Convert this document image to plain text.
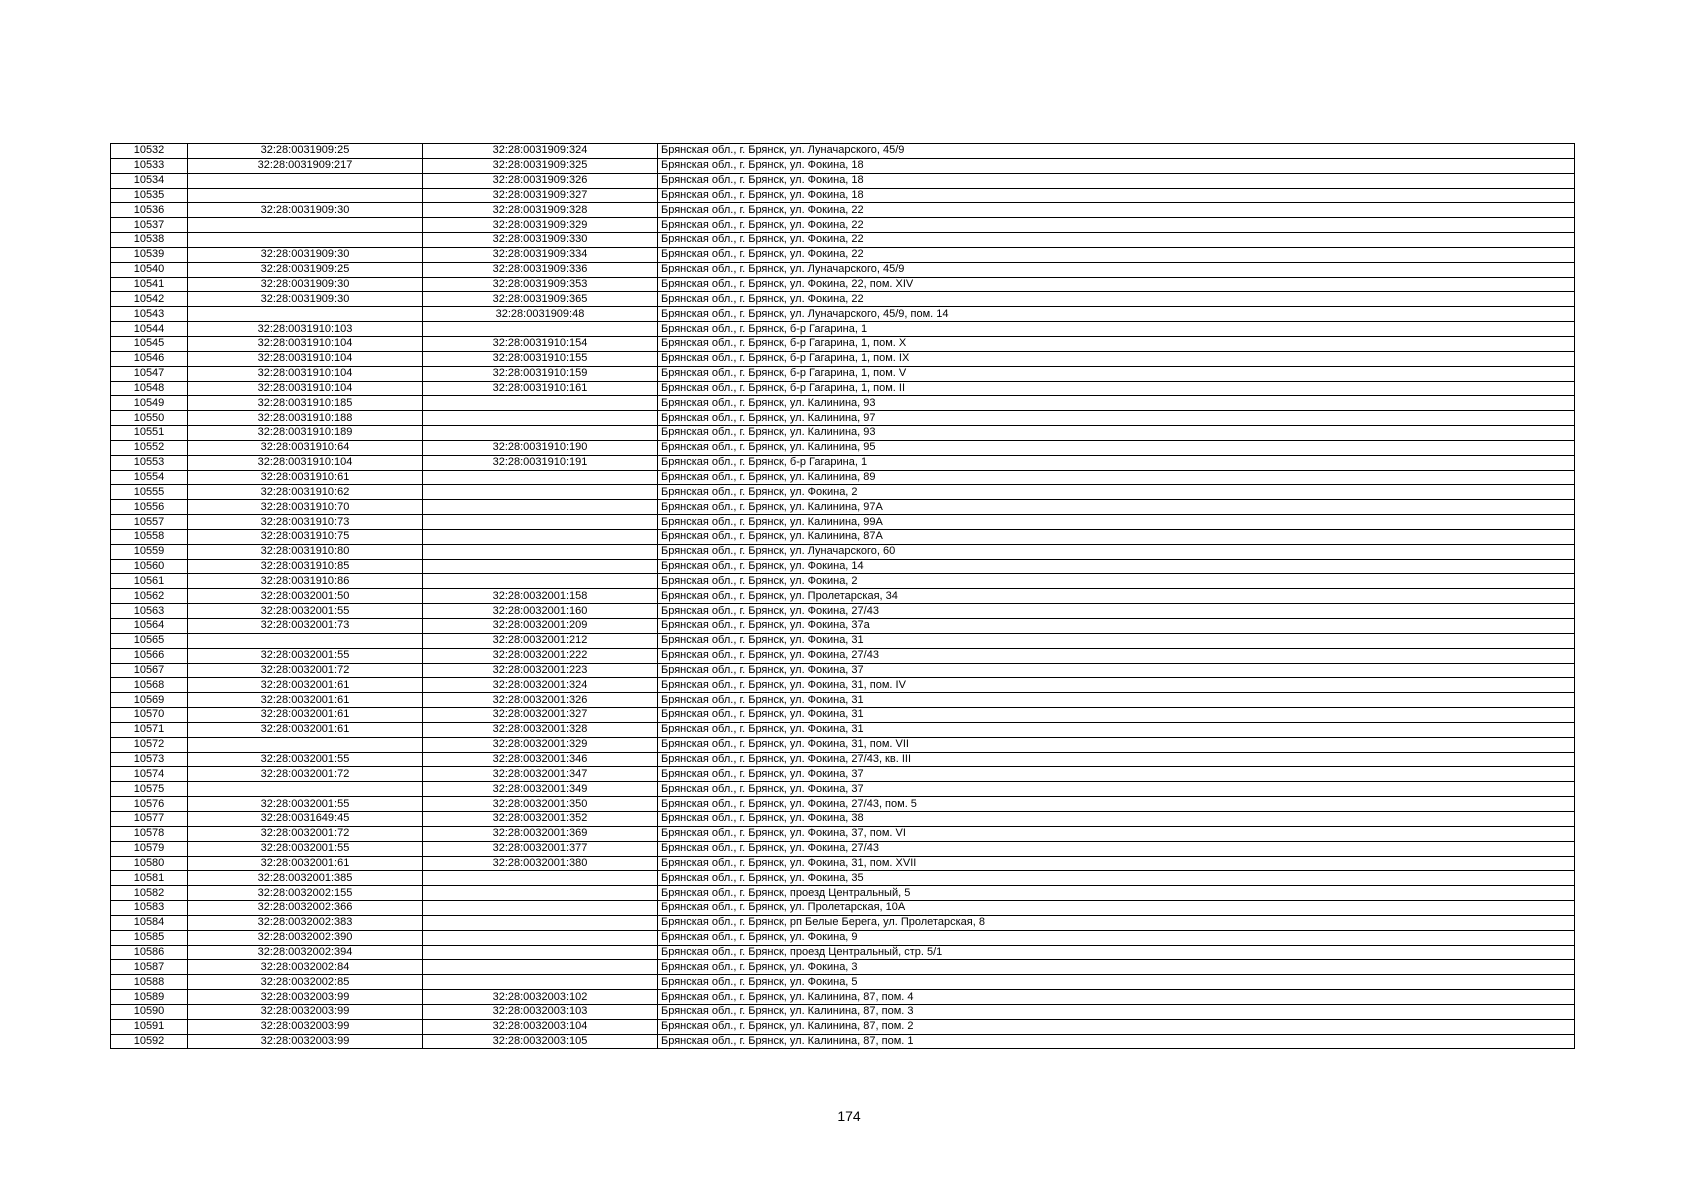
10532	32:28:0031909:25	32:28:0031909:324	Брянская обл., г. Брянск, ул. Луначарского, 45/9
10533	32:28:0031909:217	32:28:0031909:325	Брянская обл., г. Брянск, ул. Фокина, 18
10534		32:28:0031909:326	Брянская обл., г. Брянск, ул. Фокина, 18
10535		32:28:0031909:327	Брянская обл., г. Брянск, ул. Фокина, 18
10536	32:28:0031909:30	32:28:0031909:328	Брянская обл., г. Брянск, ул. Фокина, 22
10537		32:28:0031909:329	Брянская обл., г. Брянск, ул. Фокина, 22
10538		32:28:0031909:330	Брянская обл., г. Брянск, ул. Фокина, 22
10539	32:28:0031909:30	32:28:0031909:334	Брянская обл., г. Брянск, ул. Фокина, 22
10540	32:28:0031909:25	32:28:0031909:336	Брянская обл., г. Брянск, ул. Луначарского, 45/9
10541	32:28:0031909:30	32:28:0031909:353	Брянская обл., г. Брянск, ул. Фокина, 22, пом. XIV
10542	32:28:0031909:30	32:28:0031909:365	Брянская обл., г. Брянск, ул. Фокина, 22
10543		32:28:0031909:48	Брянская обл., г. Брянск, ул. Луначарского, 45/9, пом. 14
10544	32:28:0031910:103		Брянская обл., г. Брянск, б-р Гагарина, 1
10545	32:28:0031910:104	32:28:0031910:154	Брянская обл., г. Брянск, б-р Гагарина, 1, пом. X
10546	32:28:0031910:104	32:28:0031910:155	Брянская обл., г. Брянск, б-р Гагарина, 1, пом. IX
10547	32:28:0031910:104	32:28:0031910:159	Брянская обл., г. Брянск, б-р Гагарина, 1, пом. V
10548	32:28:0031910:104	32:28:0031910:161	Брянская обл., г. Брянск, б-р Гагарина, 1, пом. II
10549	32:28:0031910:185		Брянская обл., г. Брянск, ул. Калинина, 93
10550	32:28:0031910:188		Брянская обл., г. Брянск, ул. Калинина, 97
10551	32:28:0031910:189		Брянская обл., г. Брянск, ул. Калинина, 93
10552	32:28:0031910:64	32:28:0031910:190	Брянская обл., г. Брянск, ул. Калинина, 95
10553	32:28:0031910:104	32:28:0031910:191	Брянская обл., г. Брянск, б-р Гагарина, 1
10554	32:28:0031910:61		Брянская обл., г. Брянск, ул. Калинина, 89
10555	32:28:0031910:62		Брянская обл., г. Брянск, ул. Фокина, 2
10556	32:28:0031910:70		Брянская обл., г. Брянск, ул. Калинина, 97А
10557	32:28:0031910:73		Брянская обл., г. Брянск, ул. Калинина, 99А
10558	32:28:0031910:75		Брянская обл., г. Брянск, ул. Калинина, 87А
10559	32:28:0031910:80		Брянская обл., г. Брянск, ул. Луначарского, 60
10560	32:28:0031910:85		Брянская обл., г. Брянск, ул. Фокина, 14
10561	32:28:0031910:86		Брянская обл., г. Брянск, ул. Фокина, 2
10562	32:28:0032001:50	32:28:0032001:158	Брянская обл., г. Брянск, ул. Пролетарская, 34
10563	32:28:0032001:55	32:28:0032001:160	Брянская обл., г. Брянск, ул. Фокина, 27/43
10564	32:28:0032001:73	32:28:0032001:209	Брянская обл., г. Брянск, ул. Фокина, 37а
10565		32:28:0032001:212	Брянская обл., г. Брянск, ул. Фокина, 31
10566	32:28:0032001:55	32:28:0032001:222	Брянская обл., г. Брянск, ул. Фокина, 27/43
10567	32:28:0032001:72	32:28:0032001:223	Брянская обл., г. Брянск, ул. Фокина, 37
10568	32:28:0032001:61	32:28:0032001:324	Брянская обл., г. Брянск, ул. Фокина, 31, пом. IV
10569	32:28:0032001:61	32:28:0032001:326	Брянская обл., г. Брянск, ул. Фокина, 31
10570	32:28:0032001:61	32:28:0032001:327	Брянская обл., г. Брянск, ул. Фокина, 31
10571	32:28:0032001:61	32:28:0032001:328	Брянская обл., г. Брянск, ул. Фокина, 31
10572		32:28:0032001:329	Брянская обл., г. Брянск, ул. Фокина, 31, пом. VII
10573	32:28:0032001:55	32:28:0032001:346	Брянская обл., г. Брянск, ул. Фокина, 27/43, кв. III
10574	32:28:0032001:72	32:28:0032001:347	Брянская обл., г. Брянск, ул. Фокина, 37
10575		32:28:0032001:349	Брянская обл., г. Брянск, ул. Фокина, 37
10576	32:28:0032001:55	32:28:0032001:350	Брянская обл., г. Брянск, ул. Фокина, 27/43, пом. 5
10577	32:28:0031649:45	32:28:0032001:352	Брянская обл., г. Брянск, ул. Фокина, 38
10578	32:28:0032001:72	32:28:0032001:369	Брянская обл., г. Брянск, ул. Фокина, 37, пом. VI
10579	32:28:0032001:55	32:28:0032001:377	Брянская обл., г. Брянск, ул. Фокина, 27/43
10580	32:28:0032001:61	32:28:0032001:380	Брянская обл., г. Брянск, ул. Фокина, 31, пом. XVII
10581	32:28:0032001:385		Брянская обл., г. Брянск, ул. Фокина, 35
10582	32:28:0032002:155		Брянская обл., г. Брянск, проезд Центральный, 5
10583	32:28:0032002:366		Брянская обл., г. Брянск, ул. Пролетарская, 10А
10584	32:28:0032002:383		Брянская обл., г. Брянск, рп Белые Берега, ул. Пролетарская, 8
10585	32:28:0032002:390		Брянская обл., г. Брянск, ул. Фокина, 9
10586	32:28:0032002:394		Брянская обл., г. Брянск, проезд Центральный, стр. 5/1
10587	32:28:0032002:84		Брянская обл., г. Брянск, ул. Фокина, 3
10588	32:28:0032002:85		Брянская обл., г. Брянск, ул. Фокина, 5
10589	32:28:0032003:99	32:28:0032003:102	Брянская обл., г. Брянск, ул. Калинина, 87, пом. 4
10590	32:28:0032003:99	32:28:0032003:103	Брянская обл., г. Брянск, ул. Калинина, 87, пом. 3
10591	32:28:0032003:99	32:28:0032003:104	Брянская обл., г. Брянск, ул. Калинина, 87, пом. 2
10592	32:28:0032003:99	32:28:0032003:105	Брянская обл., г. Брянск, ул. Калинина, 87, пом. 1
174
